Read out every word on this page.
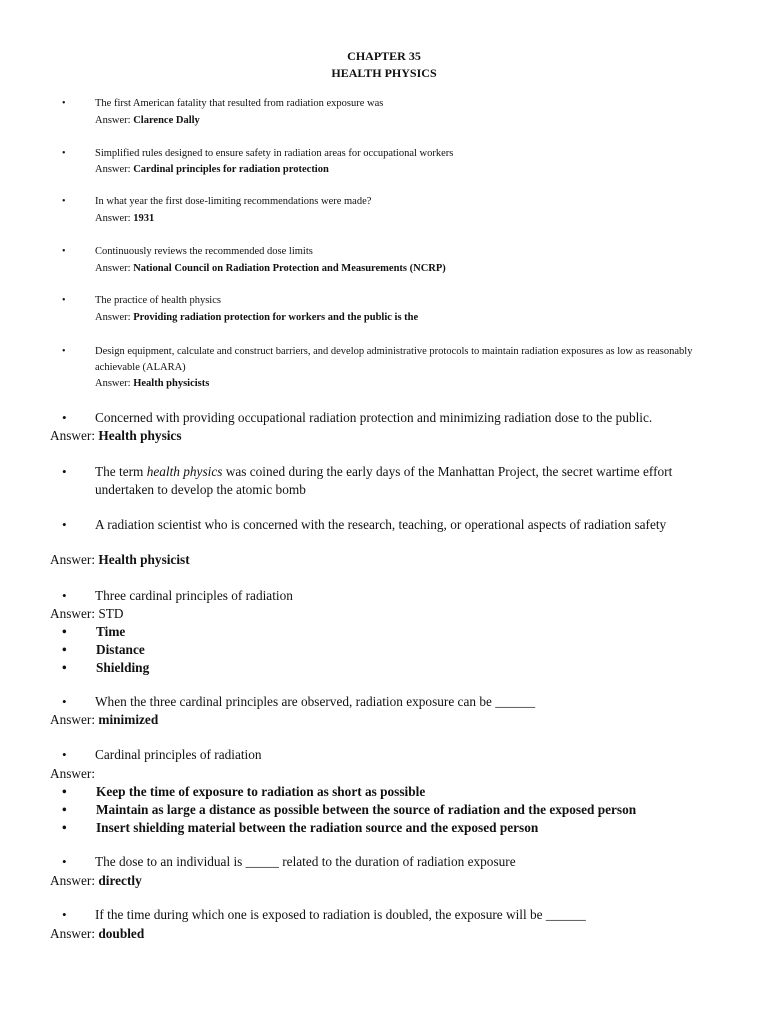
CHAPTER 35
HEALTH PHYSICS
•	The first American fatality that resulted from radiation exposure was
Answer: Clarence Dally
•	Simplified rules designed to ensure safety in radiation areas for occupational workers
Answer: Cardinal principles for radiation protection
•	In what year the first dose-limiting recommendations were made?
Answer: 1931
•	Continuously reviews the recommended dose limits
Answer: National Council on Radiation Protection and Measurements (NCRP)
•	The practice of health physics
Answer: Providing radiation protection for workers and the public is the
•	Design equipment, calculate and construct barriers, and develop administrative protocols to maintain radiation exposures as low as reasonably achievable (ALARA)
Answer: Health physicists
• Concerned with providing occupational radiation protection and minimizing radiation dose to the public.
Answer: Health physics
• The term health physics was coined during the early days of the Manhattan Project, the secret wartime effort undertaken to develop the atomic bomb
• A radiation scientist who is concerned with the research, teaching, or operational aspects of radiation safety
Answer: Health physicist
• Three cardinal principles of radiation
Answer: STD
• Time
• Distance
• Shielding
• When the three cardinal principles are observed, radiation exposure can be ______
Answer: minimized
• Cardinal principles of radiation
Answer:
• Keep the time of exposure to radiation as short as possible
• Maintain as large a distance as possible between the source of radiation and the exposed person
• Insert shielding material between the radiation source and the exposed person
• The dose to an individual is _____ related to the duration of radiation exposure
Answer: directly
• If the time during which one is exposed to radiation is doubled, the exposure will be ______
Answer: doubled
